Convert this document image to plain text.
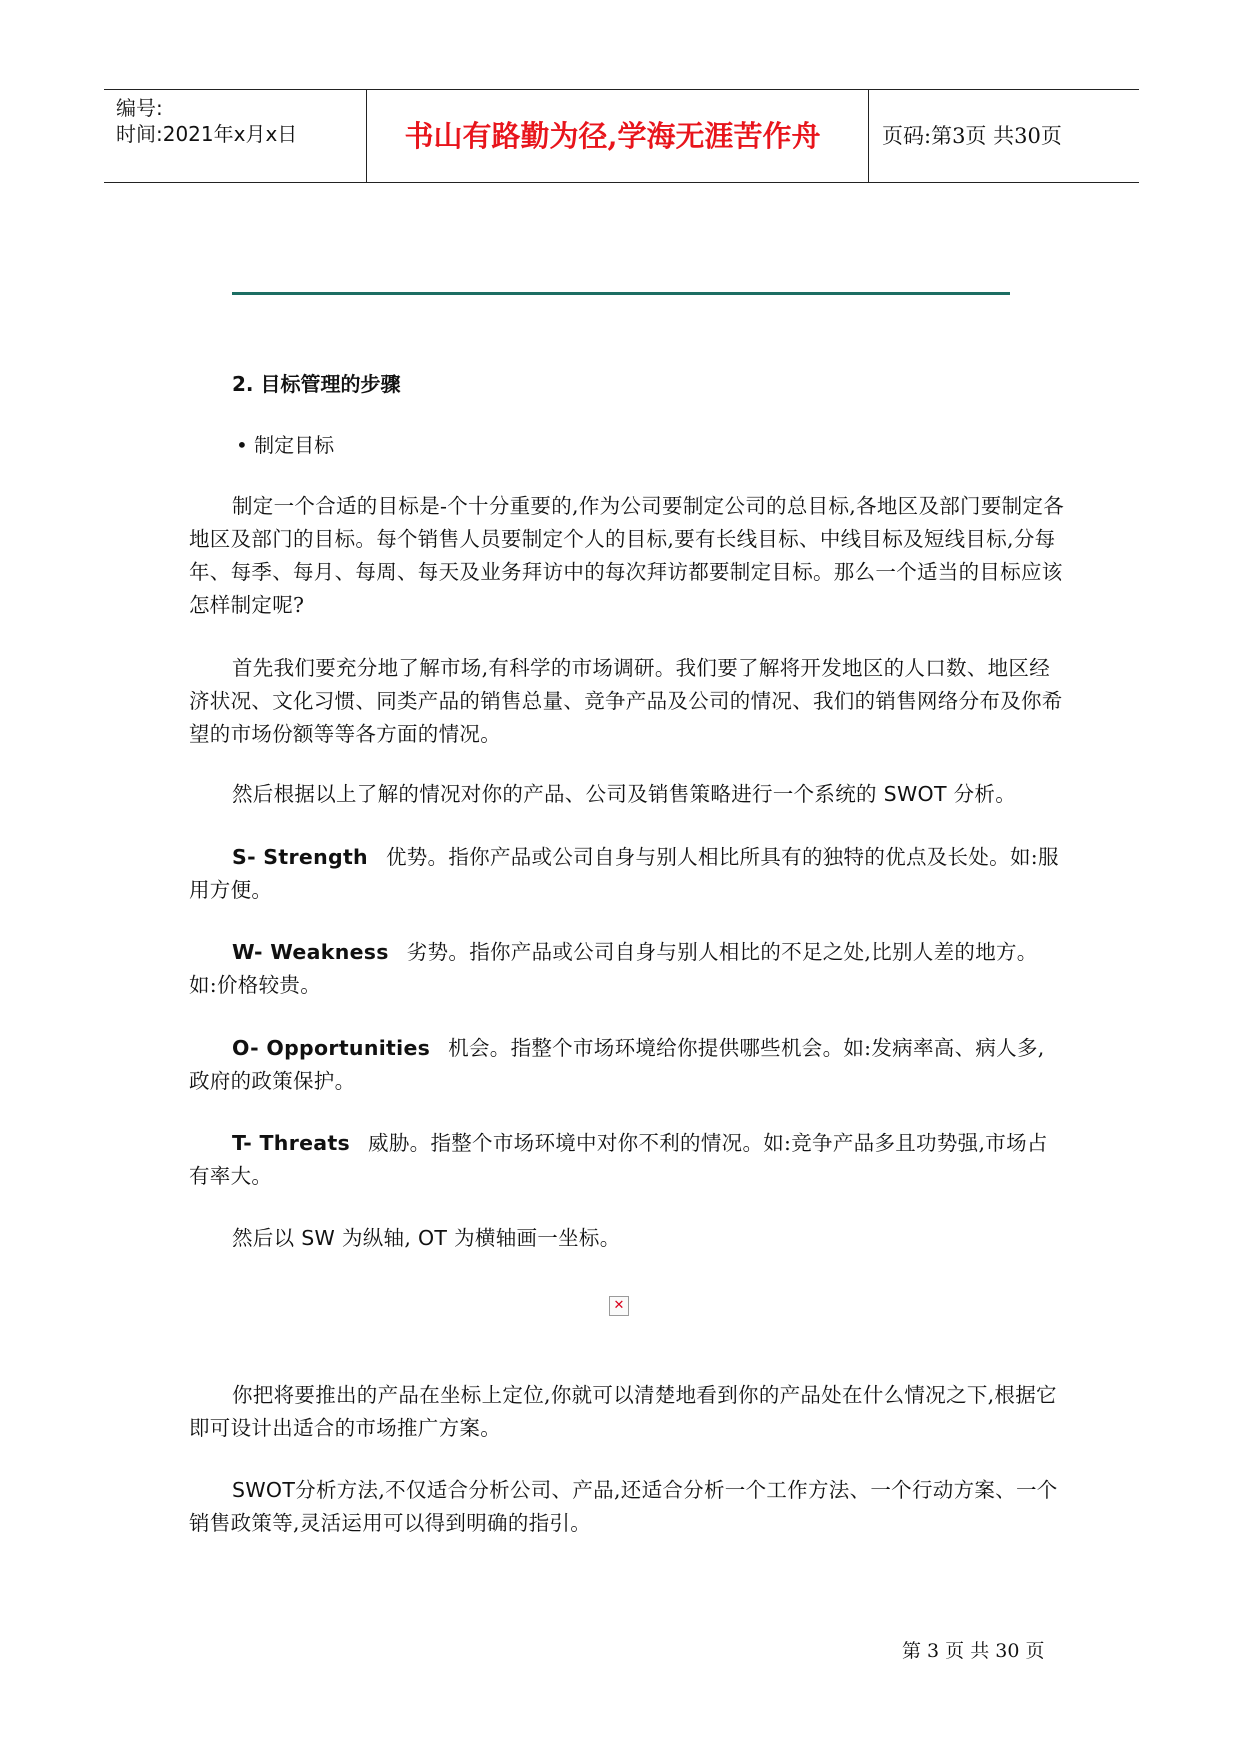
编号:
时间:2021年x月x日	书山有路勤为径,学海无涯苦作舟	页码:第3页 共30页
2. 目标管理的步骤
• 制定目标

制定一个合适的目标是-个十分重要的,作为公司要制定公司的总目标,各地区及部门要制定各地区及部门的目标。每个销售人员要制定个人的目标,要有长线目标、中线目标及短线目标,分每年、每季、每月、每周、每天及业务拜访中的每次拜访都要制定目标。那么一个适当的目标应该怎样制定呢?

首先我们要充分地了解市场,有科学的市场调研。我们要了解将开发地区的人口数、地区经济状况、文化习惯、同类产品的销售总量、竞争产品及公司的情况、我们的销售网络分布及你希望的市场份额等等各方面的情况。

然后根据以上了解的情况对你的产品、公司及销售策略进行一个系统的 SWOT 分析。

S- Strength 优势。指你产品或公司自身与别人相比所具有的独特的优点及长处。如:服用方便。

W- Weakness 劣势。指你产品或公司自身与别人相比的不足之处,比别人差的地方。如:价格较贵。

O- Opportunities 机会。指整个市场环境给你提供哪些机会。如:发病率高、病人多,政府的政策保护。

T- Threats 威胁。指整个市场环境中对你不利的情况。如:竞争产品多且功势强,市场占有率大。

然后以 SW 为纵轴, OT 为横轴画一坐标。

✕

你把将要推出的产品在坐标上定位,你就可以清楚地看到你的产品处在什么情况之下,根据它即可设计出适合的市场推广方案。

SWOT分析方法,不仅适合分析公司、产品,还适合分析一个工作方法、一个行动方案、一个销售政策等,灵活运用可以得到明确的指引。

第 3 页 共 30 页
